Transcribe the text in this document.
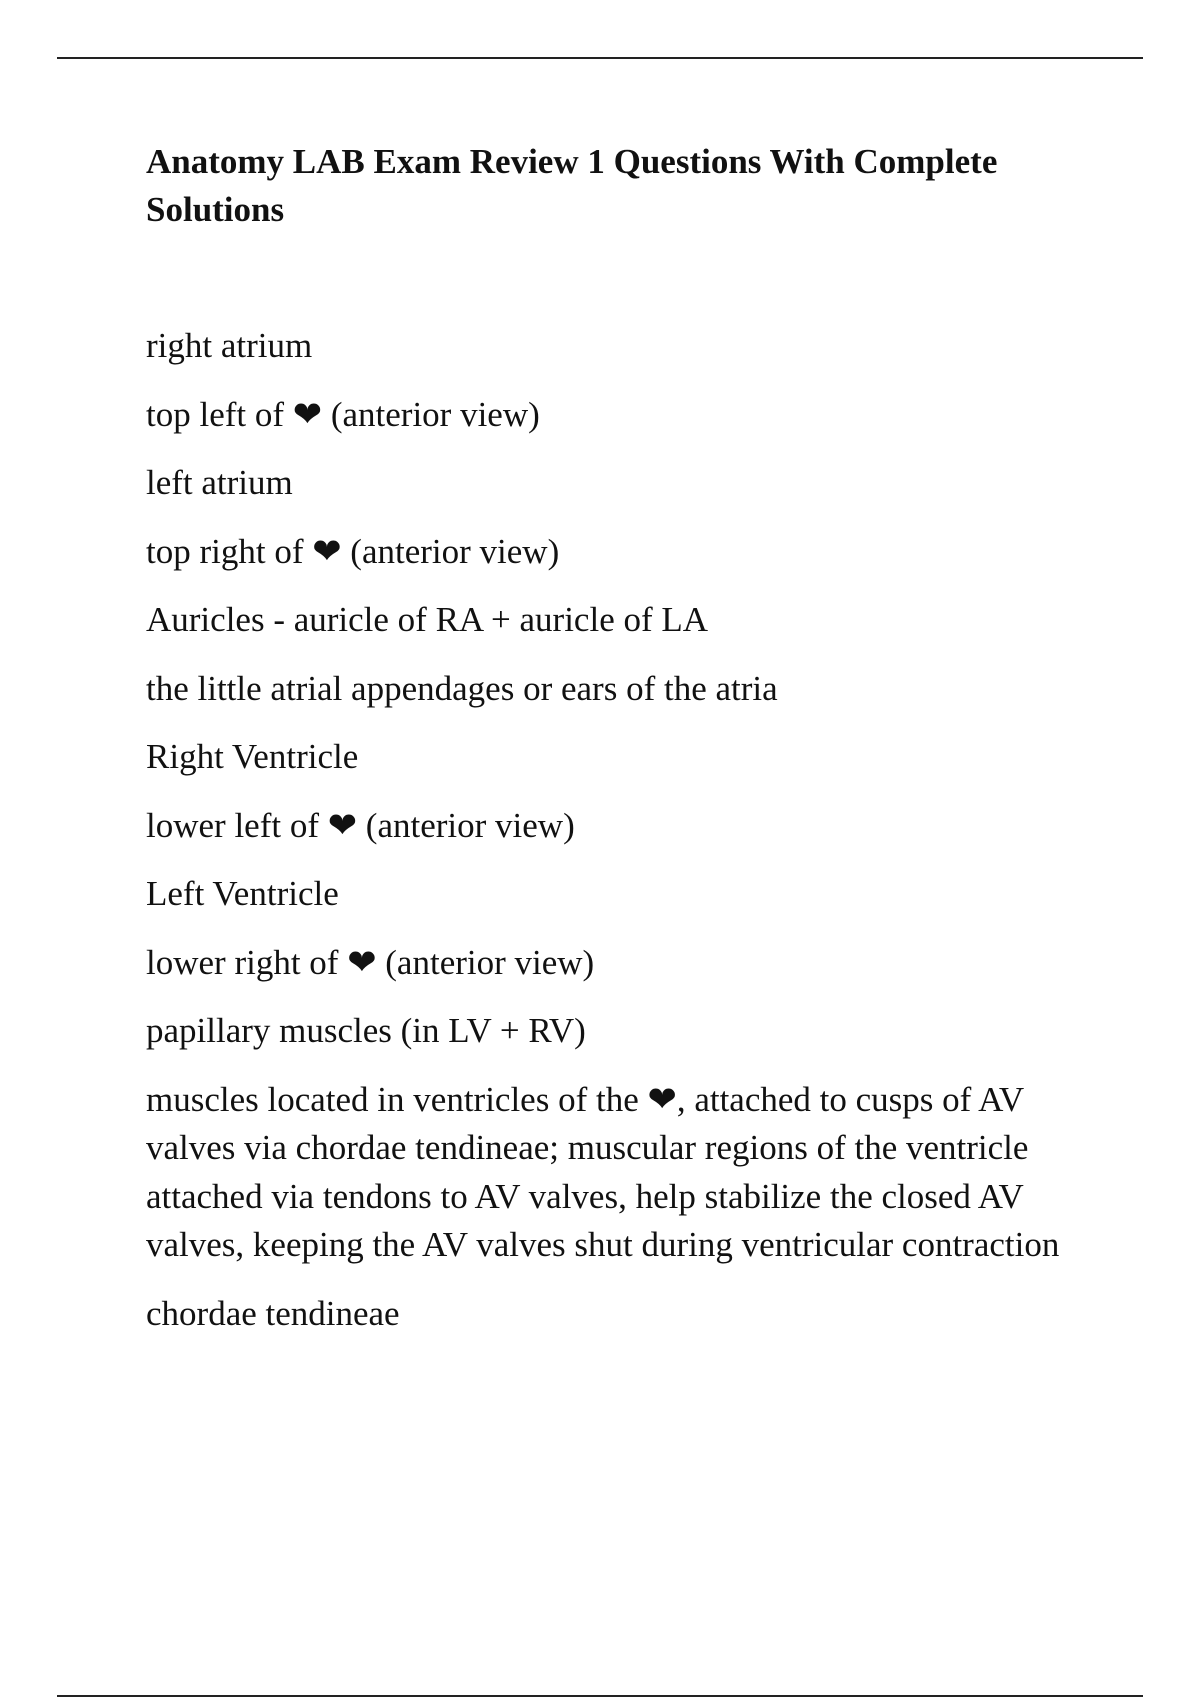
Anatomy LAB Exam Review 1 Questions With Complete Solutions

right atrium

top left of ❤ (anterior view)

left atrium

top right of ❤ (anterior view)

Auricles - auricle of RA + auricle of LA

the little atrial appendages or ears of the atria

Right Ventricle

lower left of ❤ (anterior view)

Left Ventricle

lower right of ❤ (anterior view)

papillary muscles (in LV + RV)

muscles located in ventricles of the ❤, attached to cusps of AV valves via chordae tendineae; muscular regions of the ventricle attached via tendons to AV valves, help stabilize the closed AV valves, keeping the AV valves shut during ventricular contraction

chordae tendineae
